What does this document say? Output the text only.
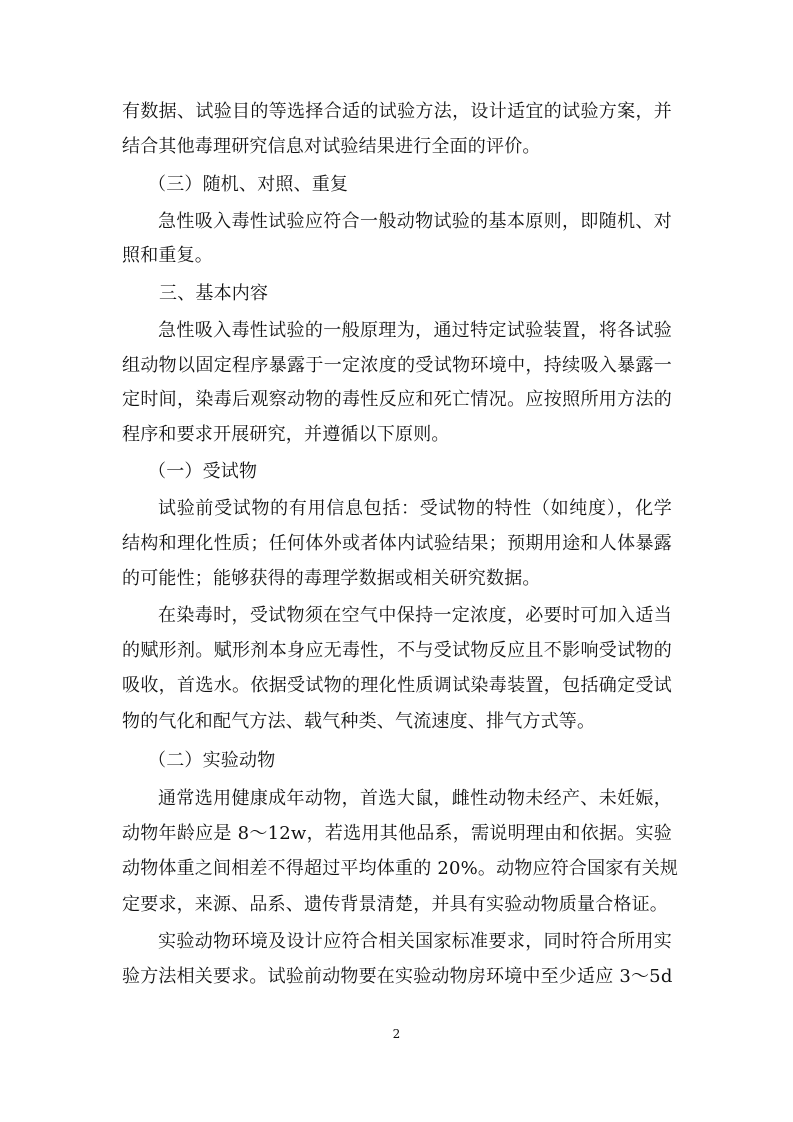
有数据、试验目的等选择合适的试验方法，设计适宜的试验方案，并
结合其他毒理研究信息对试验结果进行全面的评价。
（三）随机、对照、重复
急性吸入毒性试验应符合一般动物试验的基本原则，即随机、对
照和重复。
三、基本内容
急性吸入毒性试验的一般原理为，通过特定试验装置，将各试验
组动物以固定程序暴露于一定浓度的受试物环境中，持续吸入暴露一
定时间，染毒后观察动物的毒性反应和死亡情况。应按照所用方法的
程序和要求开展研究，并遵循以下原则。
（一）受试物
试验前受试物的有用信息包括：受试物的特性（如纯度），化学
结构和理化性质；任何体外或者体内试验结果；预期用途和人体暴露
的可能性；能够获得的毒理学数据或相关研究数据。
在染毒时，受试物须在空气中保持一定浓度，必要时可加入适当
的赋形剂。赋形剂本身应无毒性，不与受试物反应且不影响受试物的
吸收，首选水。依据受试物的理化性质调试染毒装置，包括确定受试
物的气化和配气方法、载气种类、气流速度、排气方式等。
（二）实验动物
通常选用健康成年动物，首选大鼠，雌性动物未经产、未妊娠，
动物年龄应是 8～12w，若选用其他品系，需说明理由和依据。实验
动物体重之间相差不得超过平均体重的 20%。动物应符合国家有关规
定要求，来源、品系、遗传背景清楚，并具有实验动物质量合格证。
实验动物环境及设计应符合相关国家标准要求，同时符合所用实
验方法相关要求。试验前动物要在实验动物房环境中至少适应 3～5d
2
